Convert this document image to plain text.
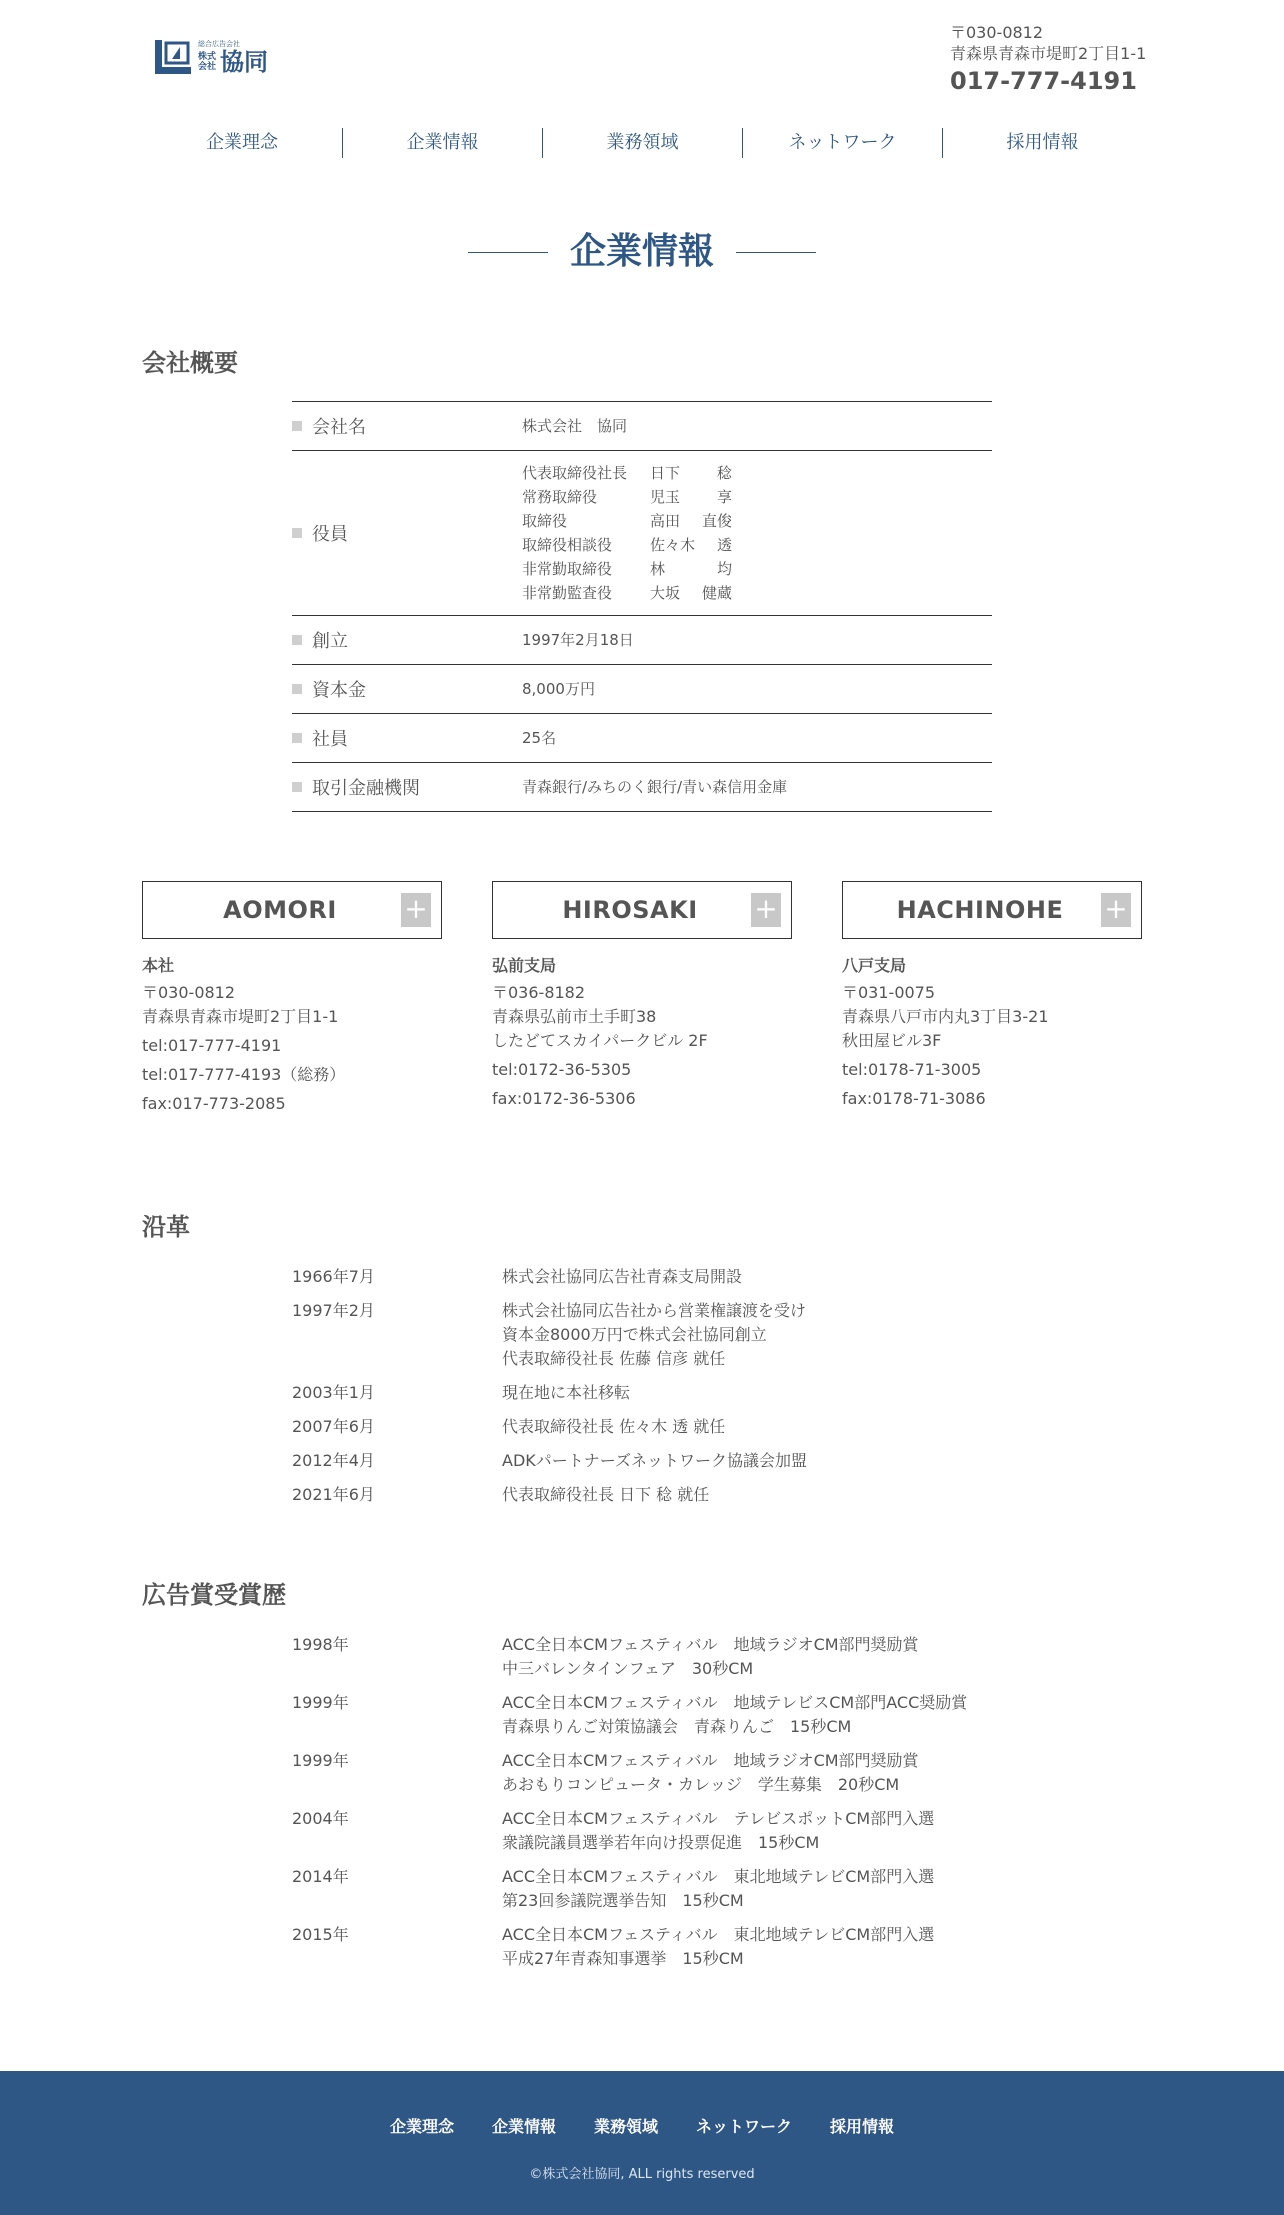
総合広告会社
株式会社 協同
〒030-0812
青森県青森市堤町2丁目1-1
017-777-4191
企業理念	企業情報	業務領域	ネットワーク	採用情報
企業情報
会社概要
会社名	株式会社　協同
役員
代表取締役社長	日下 稔
常務取締役	児玉 享
取締役	高田 直俊
取締役相談役	佐々木 透
非常勤取締役	林	均
非常勤監査役	大坂 健蔵
創立	1997年2月18日
資本金	8,000万円
社員	25名
取引金融機関	青森銀行/みちのく銀行/青い森信用金庫
AOMORI +
本社
〒030-0812
青森県青森市堤町2丁目1-1
tel:017-777-4191
tel:017-777-4193（総務）
fax:017-773-2085
HIROSAKI +
弘前支局
〒036-8182
青森県弘前市土手町38
したどてスカイパークビル 2F
tel:0172-36-5305
fax:0172-36-5306
HACHINOHE +
八戸支局
〒031-0075
青森県八戸市内丸3丁目3-21
秋田屋ビル3F
tel:0178-71-3005
fax:0178-71-3086
沿革
1966年7月	株式会社協同広告社青森支局開設
1997年2月	株式会社協同広告社から営業権譲渡を受け
資本金8000万円で株式会社協同創立
代表取締役社長 佐藤 信彦 就任
2003年1月	現在地に本社移転
2007年6月	代表取締役社長 佐々木 透 就任
2012年4月	ADKパートナーズネットワーク協議会加盟
2021年6月	代表取締役社長 日下 稔 就任
広告賞受賞歴
1998年	ACC全日本CMフェスティバル　地域ラジオCM部門奨励賞
中三バレンタインフェア　30秒CM
1999年	ACC全日本CMフェスティバル　地域テレビスCM部門ACC奨励賞
青森県りんご対策協議会　青森りんご　15秒CM
1999年	ACC全日本CMフェスティバル　地域ラジオCM部門奨励賞
あおもりコンピュータ・カレッジ　学生募集　20秒CM
2004年	ACC全日本CMフェスティバル　テレビスポットCM部門入選
衆議院議員選挙若年向け投票促進　15秒CM
2014年	ACC全日本CMフェスティバル　東北地域テレビCM部門入選
第23回参議院選挙告知　15秒CM
2015年	ACC全日本CMフェスティバル　東北地域テレビCM部門入選
平成27年青森知事選挙　15秒CM
企業理念 企業情報 業務領域 ネットワーク 採用情報
©株式会社協同, ALL rights reserved
